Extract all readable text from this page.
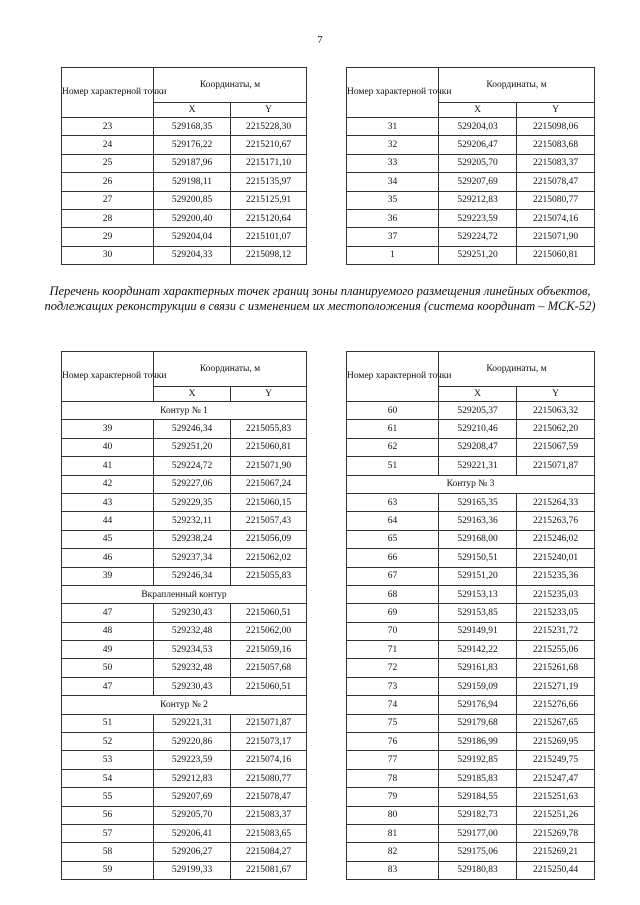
7
Номер характерной точки	Координаты, м	
	X	Y
23	529168,35	2215228,30
24	529176,22	2215210,67
25	529187,96	2215171,10
26	529198,11	2215135,97
27	529200,85	2215125,91
28	529200,40	2215120,64
29	529204,04	2215101,07
30	529204,33	2215098,12
Номер характерной точки	Координаты, м	
	X	Y
31	529204,03	2215098,06
32	529206,47	2215083,68
33	529205,70	2215083,37
34	529207,69	2215078,47
35	529212,83	2215080,77
36	529223,59	2215074,16
37	529224,72	2215071,90
1	529251,20	2215060,81
Перечень координат характерных точек границ зоны планируемого размещения линейных объектов, подлежащих реконструкции в связи с изменением их местоположения (система координат – МСК-52)
Номер характерной точки	Координаты, м	
	X	Y
Контур № 1		
39	529246,34	2215055,83
40	529251,20	2215060,81
41	529224,72	2215071,90
42	529227,06	2215067,24
43	529229,35	2215060,15
44	529232,11	2215057,43
45	529238,24	2215056,09
46	529237,34	2215062,02
39	529246,34	2215055,83
Вкрапленный контур		
47	529230,43	2215060,51
48	529232,48	2215062,00
49	529234,53	2215059,16
50	529232,48	2215057,68
47	529230,43	2215060,51
Контур № 2		
51	529221,31	2215071,87
52	529220,86	2215073,17
53	529223,59	2215074,16
54	529212,83	2215080,77
55	529207,69	2215078,47
56	529205,70	2215083,37
57	529206,41	2215083,65
58	529206,27	2215084,27
59	529199,33	2215081,67
Номер характерной точки	Координаты, м	
	X	Y
60	529205,37	2215063,32
61	529210,46	2215062,20
62	529208,47	2215067,59
51	529221,31	2215071,87
Контур № 3		
63	529165,35	2215264,33
64	529163,36	2215263,76
65	529168,00	2215246,02
66	529150,51	2215240,01
67	529151,20	2215235,36
68	529153,13	2215235,03
69	529153,85	2215233,05
70	529149,91	2215231,72
71	529142,22	2215255,06
72	529161,83	2215261,68
73	529159,09	2215271,19
74	529176,94	2215276,66
75	529179,68	2215267,65
76	529186,99	2215269,95
77	529192,85	2215249,75
78	529185,83	2215247,47
79	529184,55	2215251,63
80	529182,73	2215251,26
81	529177,00	2215269,78
82	529175,06	2215269,21
83	529180,83	2215250,44
